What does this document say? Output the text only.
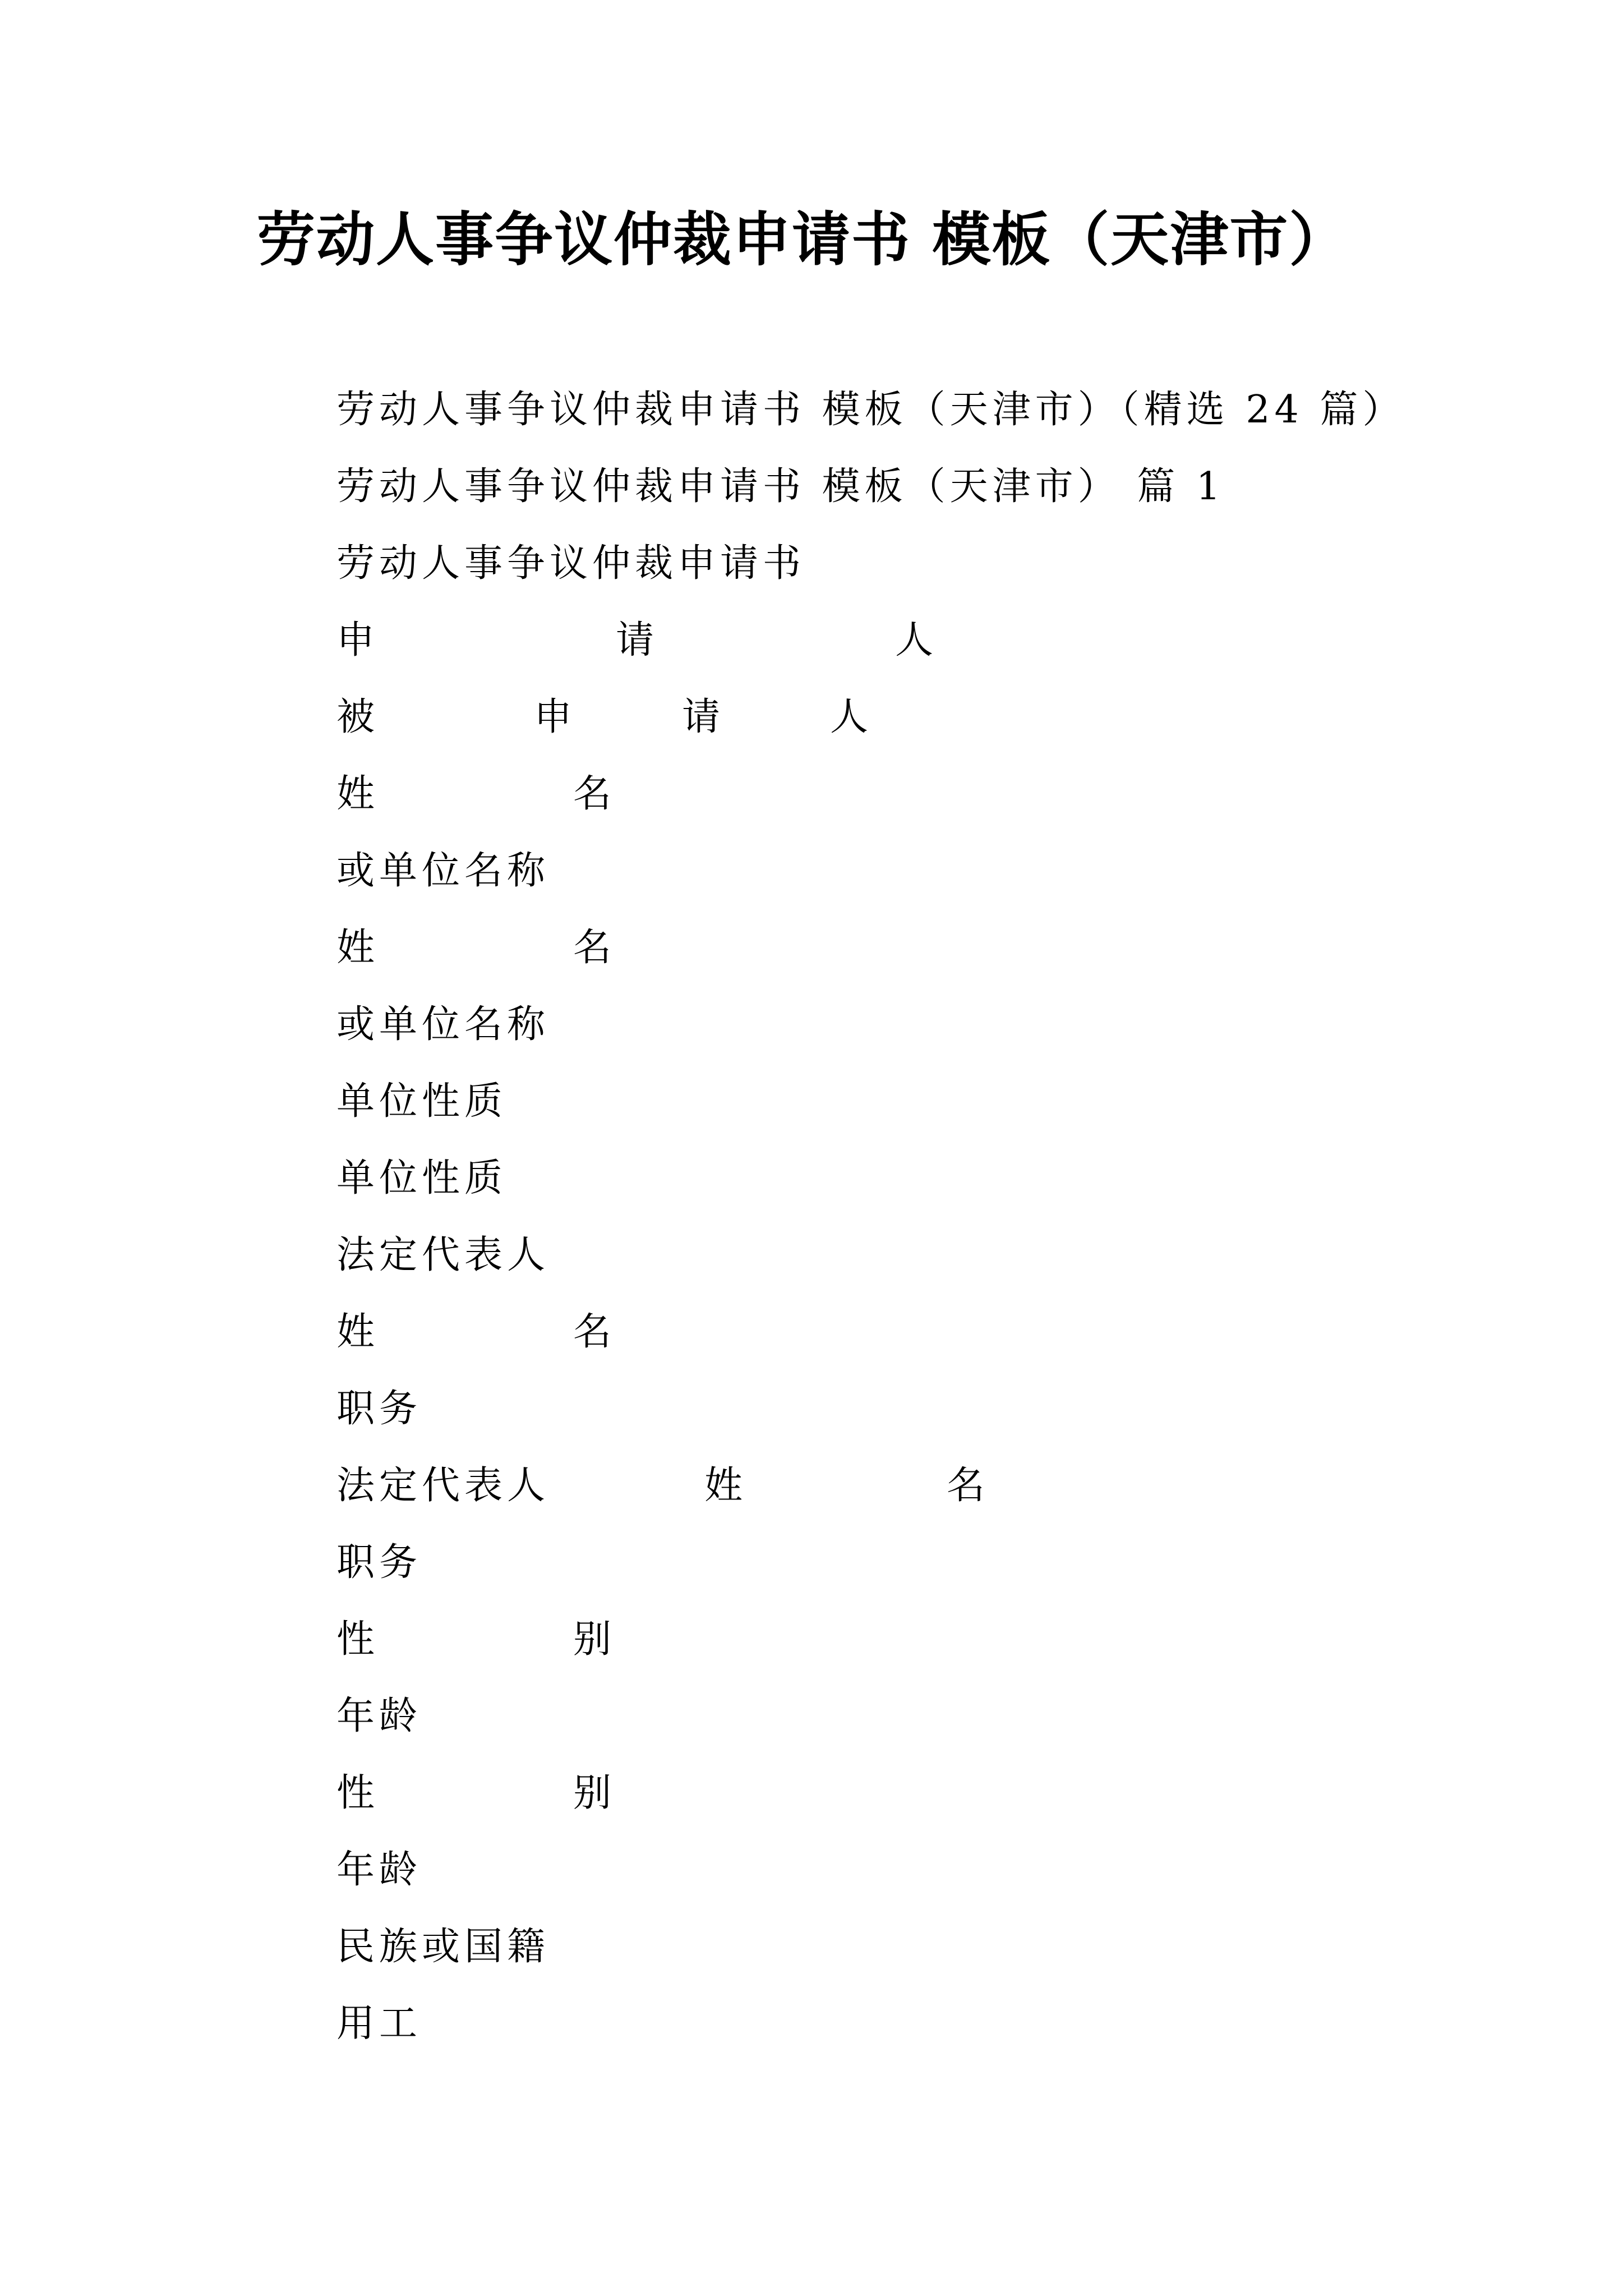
劳动人事争议仲裁申请书 模板（天津市）
劳动人事争议仲裁申请书 模板（天津市）（精选 24 篇）
劳动人事争议仲裁申请书 模板（天津市） 篇 1
劳动人事争议仲裁申请书
申	请	人
被	申	请	人
姓	名
或单位名称
姓	名
或单位名称
单位性质
单位性质
法定代表人
姓	名
职务
法定代表人	姓	名
职务
性	别
年龄
性	别
年龄
民族或国籍
用工
